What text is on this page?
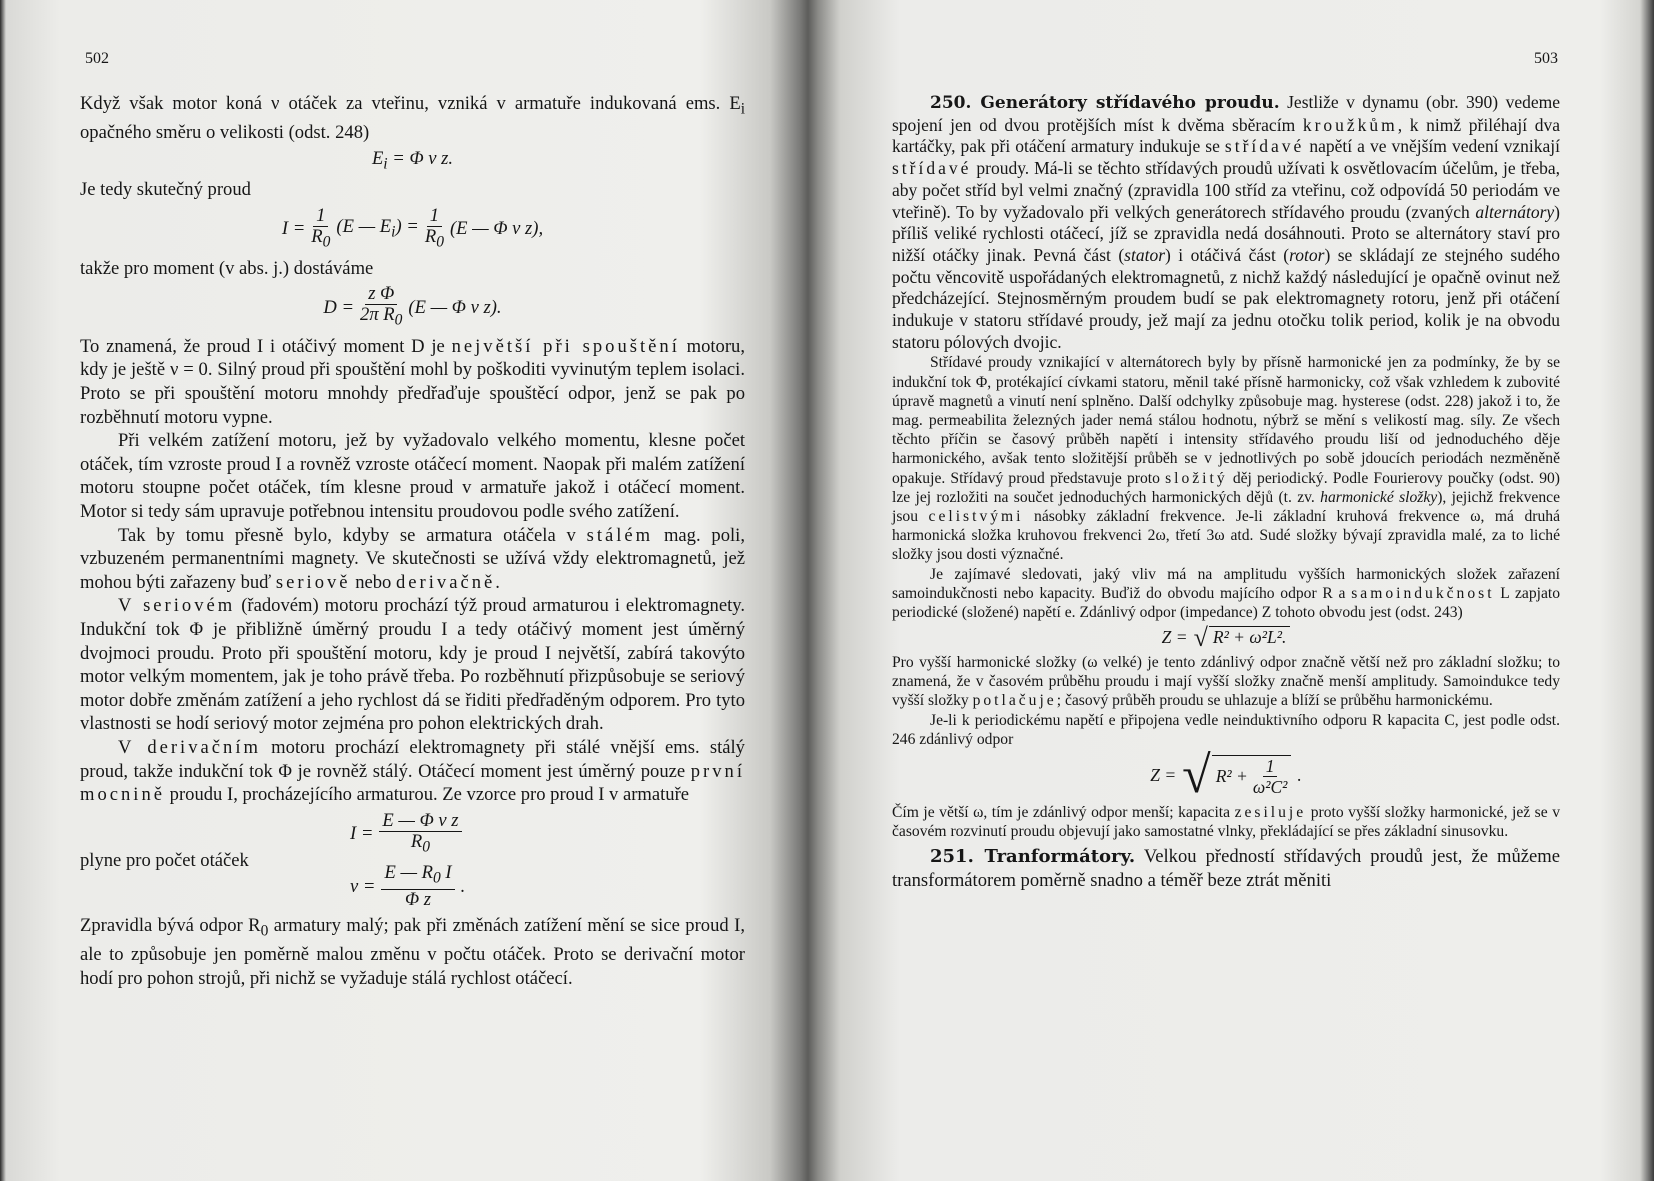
502

Když však motor koná ν otáček za vteřinu, vzniká v armatuře indukovaná ems. $E_i$ opačného směru o velikosti (odst. 248)

$E_i = \Phi$ ν z.

Je tedy skutečný proud

$I = \frac{1}{R_0} (E$ — $E_i) = \frac{1}{R_0} (E$ — Φ ν z),

takže pro moment (v abs. j.) dostáváme

$D = \frac{\text{z Φ}}{2\pi R_0} (E$ — Φ ν z).

To znamená, že proud I i otáčivý moment D je největší při spouštění motoru, kdy je ještě ν = 0. Silný proud při spouštění mohl by poškoditi vyvinutým teplem isolaci. Proto se při spouštění motoru mnohdy předřaďuje spouštěcí odpor, jenž se pak po rozběhnutí motoru vypne.

Při velkém zatížení motoru, jež by vyžadovalo velkého momentu, klesne počet otáček, tím vzroste proud I a rovněž vzroste otáčecí moment. Naopak při malém zatížení motoru stoupne počet otáček, tím klesne proud v armatuře jakož i otáčecí moment. Motor si tedy sám upravuje potřebnou intensitu proudovou podle svého zatížení.

Tak by tomu přesně bylo, kdyby se armatura otáčela v stálém mag. poli, vzbuzeném permanentními magnety. Ve skutečnosti se užívá vždy elektromagnetů, jež mohou býti zařazeny buď seriově nebo derivačně.

V seriovém (řadovém) motoru prochází týž proud armaturou i elektromagnety. Indukční tok Φ je přibližně úměrný proudu I a tedy otáčivý moment jest úměrný dvojmoci proudu. Proto při spouštění motoru, kdy je proud I největší, zabírá takovýto motor velkým momentem, jak je toho právě třeba. Po rozběhnutí přizpůsobuje se seriový motor dobře změnám zatížení a jeho rychlost dá se řiditi předřaděným odporem. Pro tyto vlastnosti se hodí seriový motor zejména pro pohon elektrických drah.

V derivačním motoru prochází elektromagnety při stálé vnější ems. stálý proud, takže indukční tok Φ je rovněž stálý. Otáčecí moment jest úměrný pouze první mocnině proudu I, procházejícího armaturou. Ze vzorce pro proud I v armatuře

plyne pro počet otáček
$I = \frac{\text{E — Φ ν z}}{R_0}$
$\nu = \frac{E — R_0 I}{\text{Φ z}}$ .

Zpravidla bývá odpor $R_0$ armatury malý; pak při změnách zatížení mění se sice proud I, ale to způsobuje jen poměrně malou změnu v počtu otáček. Proto se derivační motor hodí pro pohon strojů, při nichž se vyžaduje stálá rychlost otáčecí.

503

250. Generátory střídavého proudu. Jestliže v dynamu (obr. 390) vedeme spojení jen od dvou protějších míst k dvěma sběracím kroužkům, k nimž přiléhají dva kartáčky, pak při otáčení armatury indukuje se střídavé napětí a ve vnějším vedení vznikají střídavé proudy. Má-li se těchto střídavých proudů užívati k osvětlovacím účelům, je třeba, aby počet stříd byl velmi značný (zpravidla 100 stříd za vteřinu, což odpovídá 50 periodám ve vteřině). To by vyžadovalo při velkých generátorech střídavého proudu (zvaných alternátory) příliš veliké rychlosti otáčecí, jíž se zpravidla nedá dosáhnouti. Proto se alternátory staví pro nižší otáčky jinak. Pevná část (stator) i otáčivá část (rotor) se skládají ze stejného sudého počtu věncovitě uspořádaných elektromagnetů, z nichž každý následující je opačně ovinut než předcházející. Stejnosměrným proudem budí se pak elektromagnety rotoru, jenž při otáčení indukuje v statoru střídavé proudy, jež mají za jednu otočku tolik period, kolik je na obvodu statoru pólových dvojic.

Střídavé proudy vznikající v alternátorech byly by přísně harmonické jen za podmínky, že by se indukční tok Φ, protékající cívkami statoru, měnil také přísně harmonicky, což však vzhledem k zubovité úpravě magnetů a vinutí není splněno. Další odchylky způsobuje mag. hysterese (odst. 228) jakož i to, že mag. permeabilita železných jader nemá stálou hodnotu, nýbrž se mění s velikostí mag. síly. Ze všech těchto příčin se časový průběh napětí i intensity střídavého proudu liší od jednoduchého děje harmonického, avšak tento složitější průběh se v jednotlivých po sobě jdoucích periodách nezměněně opakuje. Střídavý proud představuje proto složitý děj periodický. Podle Fourierovy poučky (odst. 90) lze jej rozložiti na součet jednoduchých harmonických dějů (t. zv. harmonické složky), jejichž frekvence jsou celistvými násobky základní frekvence. Je-li základní kruhová frekvence ω, má druhá harmonická složka kruhovou frekvenci 2ω, třetí 3ω atd. Sudé složky bývají zpravidla malé, za to liché složky jsou dosti význačné.

Je zajímavé sledovati, jaký vliv má na amplitudu vyšších harmonických složek zařazení samoindukčnosti nebo kapacity. Buďiž do obvodu majícího odpor R a samoindukčnost L zapjato periodické (složené) napětí e. Zdánlivý odpor (impedance) Z tohoto obvodu jest (odst. 243)

Z = √ R² + ω²L².

Pro vyšší harmonické složky (ω velké) je tento zdánlivý odpor značně větší než pro základní složku; to znamená, že v časovém průběhu proudu i mají vyšší složky značně menší amplitudy. Samoindukce tedy vyšší složky potlačuje; časový průběh proudu se uhlazuje a blíží se průběhu harmonickému.

Je-li k periodickému napětí e připojena vedle neinduktivního odporu R kapacita C, jest podle odst. 246 zdánlivý odpor

Z = √ $R^2 + \frac{1}{\text{ω²C²}}$ .

Čím je větší ω, tím je zdánlivý odpor menší; kapacita zesiluje proto vyšší složky harmonické, jež se v časovém rozvinutí proudu objevují jako samostatné vlnky, překládající se přes základní sinusovku.

251. Tranformátory. Velkou předností střídavých proudů jest, že můžeme transformátorem poměrně snadno a téměř beze ztrát měniti
